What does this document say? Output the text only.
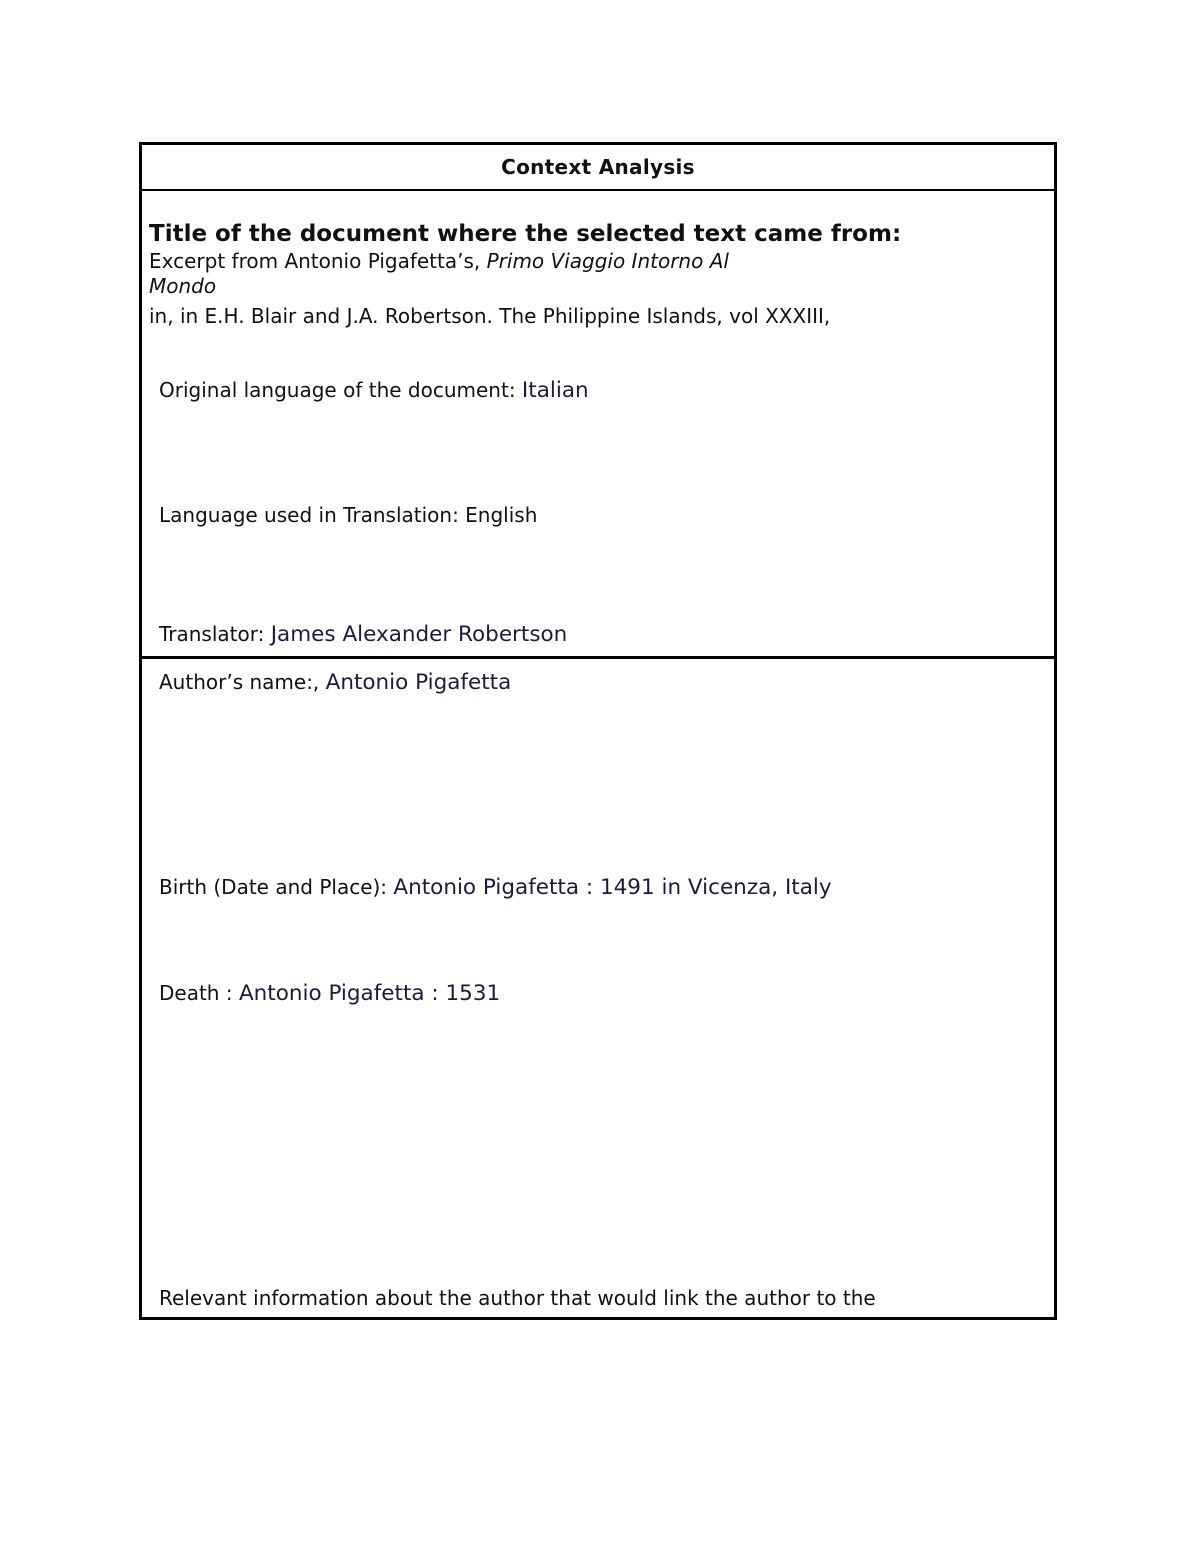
Context Analysis
Title of the document where the selected text came from:
Excerpt from Antonio Pigafetta’s, Primo Viaggio Intorno Al
Mondo
in, in E.H. Blair and J.A. Robertson. The Philippine Islands, vol XXXIII,
Original language of the document: Italian
Language used in Translation: English
Translator: James Alexander Robertson
Author’s name:, Antonio Pigafetta
Birth (Date and Place): Antonio Pigafetta : 1491 in Vicenza, Italy
Death : Antonio Pigafetta : 1531
Relevant information about the author that would link the author to the
